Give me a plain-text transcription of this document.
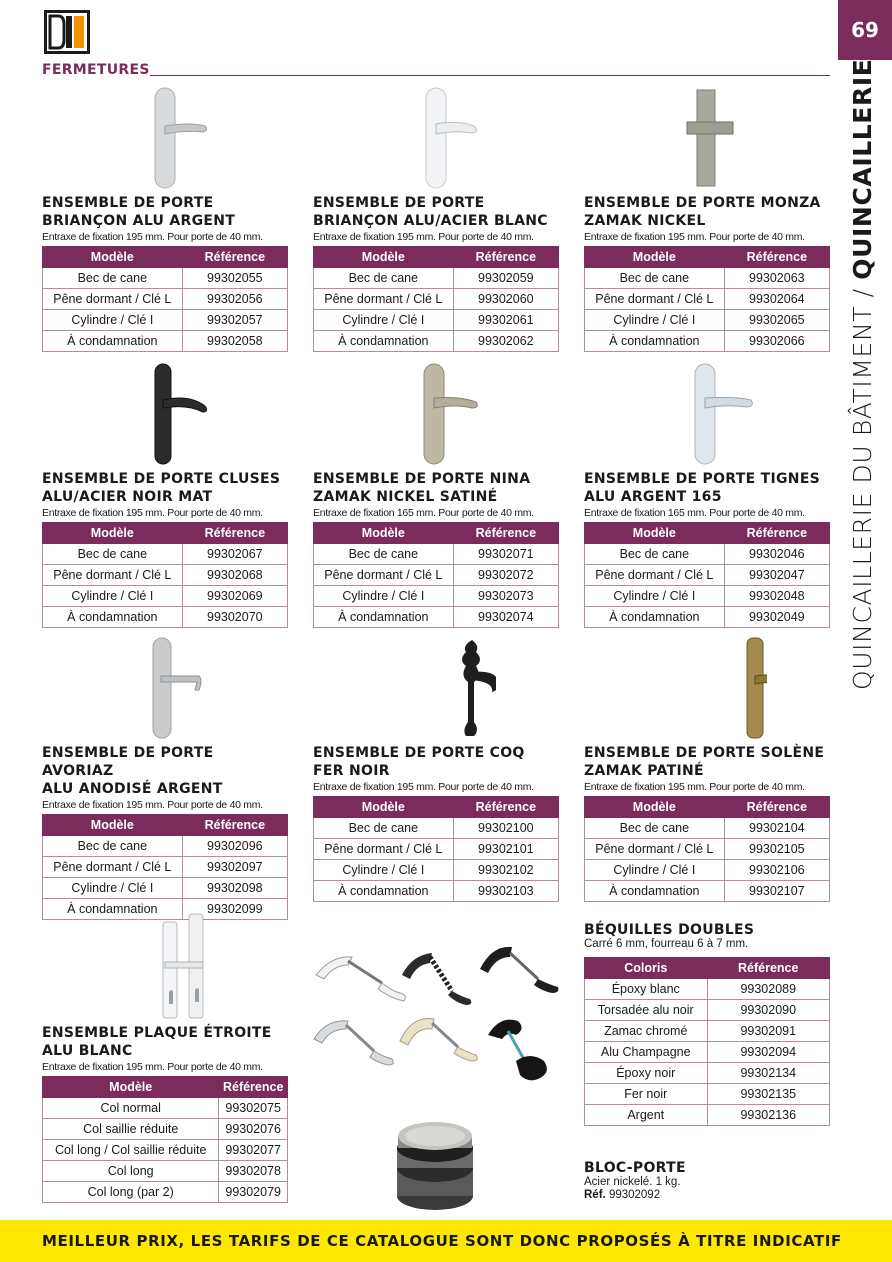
FERMETURES
69
QUINCAILLERIE DU BÂTIMENT / QUINCAILLERIE
ENSEMBLE DE PORTE
BRIANÇON ALU ARGENT
Entraxe de fixation 195 mm. Pour porte de 40 mm.
Modèle	Référence
Bec de cane	99302055
Pêne dormant / Clé L	99302056
Cylindre / Clé I	99302057
À condamnation	99302058
ENSEMBLE DE PORTE
BRIANÇON ALU/ACIER BLANC
Entraxe de fixation 195 mm. Pour porte de 40 mm.
Modèle	Référence
Bec de cane	99302059
Pêne dormant / Clé L	99302060
Cylindre / Clé I	99302061
À condamnation	99302062
ENSEMBLE DE PORTE MONZA
ZAMAK NICKEL
Entraxe de fixation 195 mm. Pour porte de 40 mm.
Modèle	Référence
Bec de cane	99302063
Pêne dormant / Clé L	99302064
Cylindre / Clé I	99302065
À condamnation	99302066
ENSEMBLE DE PORTE CLUSES
ALU/ACIER NOIR MAT
Entraxe de fixation 195 mm. Pour porte de 40 mm.
Modèle	Référence
Bec de cane	99302067
Pêne dormant / Clé L	99302068
Cylindre / Clé I	99302069
À condamnation	99302070
ENSEMBLE DE PORTE NINA
ZAMAK NICKEL SATINÉ
Entraxe de fixation 165 mm. Pour porte de 40 mm.
Modèle	Référence
Bec de cane	99302071
Pêne dormant / Clé L	99302072
Cylindre / Clé I	99302073
À condamnation	99302074
ENSEMBLE DE PORTE TIGNES
ALU ARGENT 165
Entraxe de fixation 165 mm. Pour porte de 40 mm.
Modèle	Référence
Bec de cane	99302046
Pêne dormant / Clé L	99302047
Cylindre / Clé I	99302048
À condamnation	99302049
ENSEMBLE DE PORTE AVORIAZ
ALU ANODISÉ ARGENT
Entraxe de fixation 195 mm. Pour porte de 40 mm.
Modèle	Référence
Bec de cane	99302096
Pêne dormant / Clé L	99302097
Cylindre / Clé I	99302098
À condamnation	99302099
ENSEMBLE DE PORTE COQ
FER NOIR
Entraxe de fixation 195 mm. Pour porte de 40 mm.
Modèle	Référence
Bec de cane	99302100
Pêne dormant / Clé L	99302101
Cylindre / Clé I	99302102
À condamnation	99302103
ENSEMBLE DE PORTE SOLÈNE
ZAMAK PATINÉ
Entraxe de fixation 195 mm. Pour porte de 40 mm.
Modèle	Référence
Bec de cane	99302104
Pêne dormant / Clé L	99302105
Cylindre / Clé I	99302106
À condamnation	99302107
ENSEMBLE PLAQUE ÉTROITE
ALU BLANC
Entraxe de fixation 195 mm. Pour porte de 40 mm.
Modèle	Référence
Col normal	99302075
Col saillie réduite	99302076
Col long / Col saillie réduite	99302077
Col long	99302078
Col long (par 2)	99302079
BÉQUILLES DOUBLES
Carré 6 mm, fourreau 6 à 7 mm.
Coloris	Référence
Époxy blanc	99302089
Torsadée alu noir	99302090
Zamac chromé	99302091
Alu Champagne	99302094
Époxy noir	99302134
Fer noir	99302135
Argent	99302136
BLOC-PORTE
Acier nickelé. 1 kg.
Réf. 99302092
MEILLEUR PRIX, LES TARIFS DE CE CATALOGUE SONT DONC PROPOSÉS À TITRE INDICATIF
